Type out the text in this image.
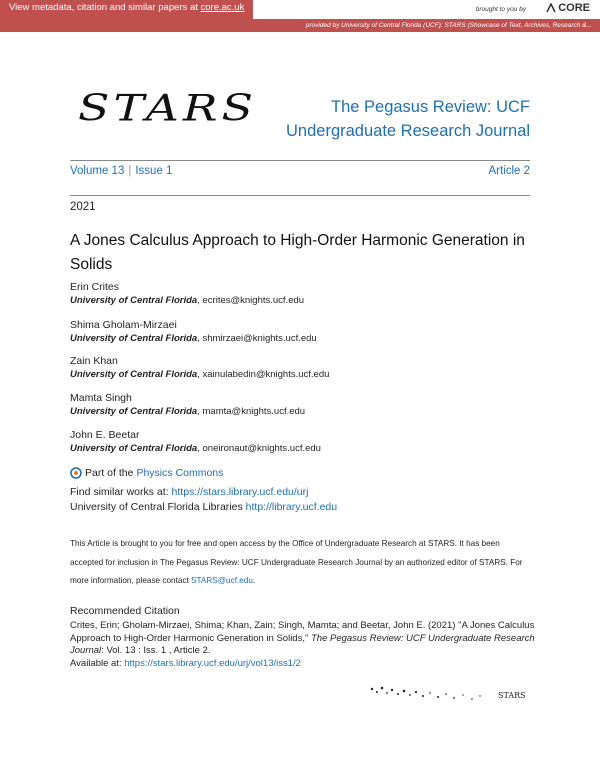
View metadata, citation and similar papers at core.ac.uk	brought to you by	CORE
provided by University of Central Florida (UCF): STARS (Showcase of Text, Archives, Research &...
STARS	The Pegasus Review: UCF
Undergraduate Research Journal
Volume 13 | Issue 1	Article 2
2021
A Jones Calculus Approach to High-Order Harmonic Generation in Solids
Erin Crites
University of Central Florida, ecrites@knights.ucf.edu
Shima Gholam-Mirzaei
University of Central Florida, shmirzaei@knights.ucf.edu
Zain Khan
University of Central Florida, xainulabedin@knights.ucf.edu
Mamta Singh
University of Central Florida, mamta@knights.ucf.edu
John E. Beetar
University of Central Florida, oneironaut@knights.ucf.edu
Part of the Physics Commons
Find similar works at: https://stars.library.ucf.edu/urj
University of Central Florida Libraries http://library.ucf.edu
This Article is brought to you for free and open access by the Office of Undergraduate Research at STARS. It has been accepted for inclusion in The Pegasus Review: UCF Undergraduate Research Journal by an authorized editor of STARS. For more information, please contact STARS@ucf.edu.
Recommended Citation
Crites, Erin; Gholam-Mirzaei, Shima; Khan, Zain; Singh, Mamta; and Beetar, John E. (2021) "A Jones Calculus Approach to High-Order Harmonic Generation in Solids," The Pegasus Review: UCF Undergraduate Research Journal: Vol. 13 : Iss. 1 , Article 2.
Available at: https://stars.library.ucf.edu/urj/vol13/iss1/2
STARS
